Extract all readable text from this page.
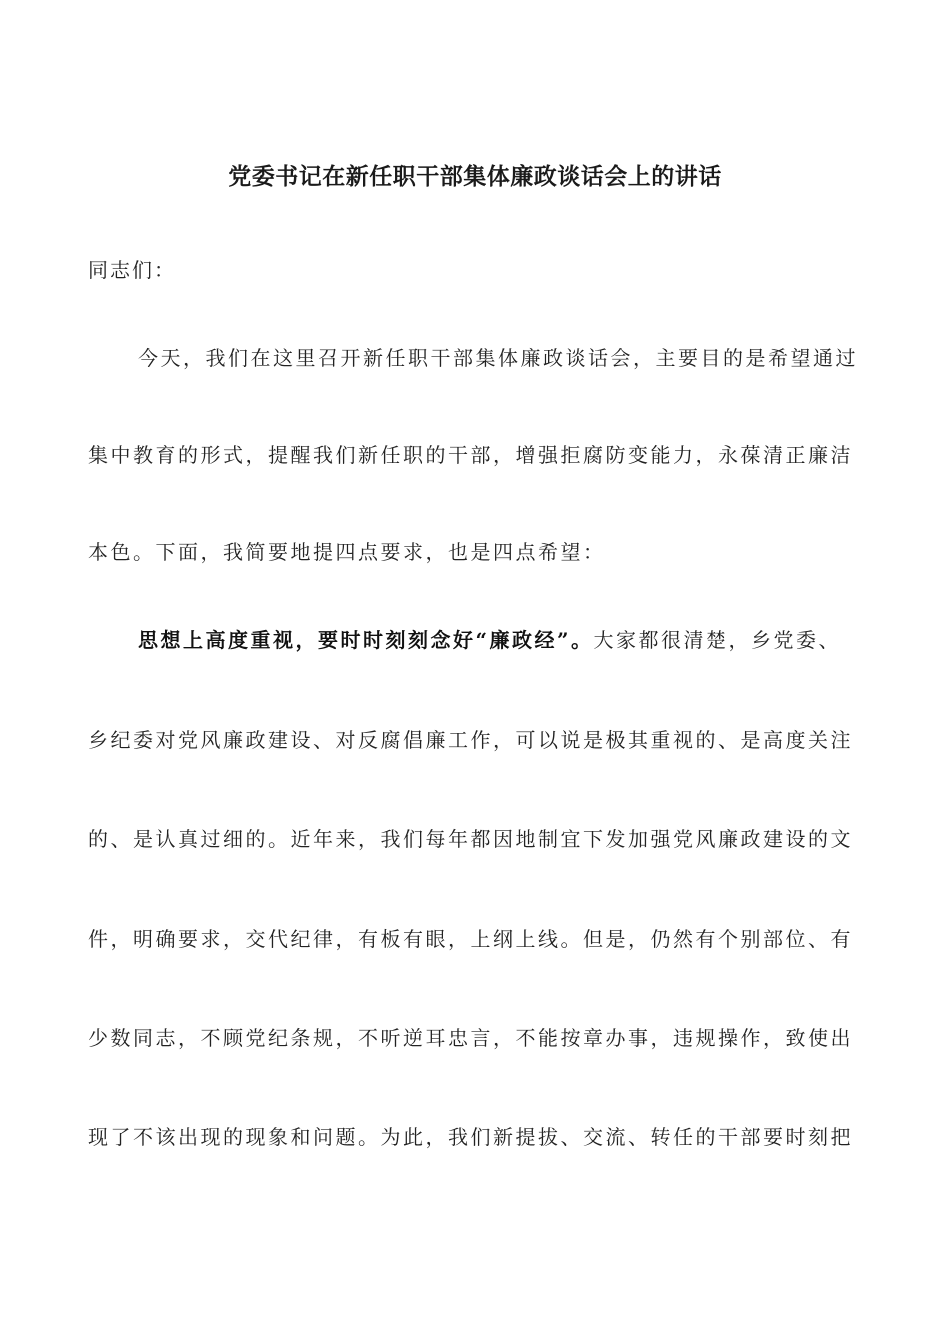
党委书记在新任职干部集体廉政谈话会上的讲话
同志们：
今天，我们在这里召开新任职干部集体廉政谈话会，主要目的是希望通过
集中教育的形式，提醒我们新任职的干部，增强拒腐防变能力，永葆清正廉洁
本色。下面，我简要地提四点要求，也是四点希望：
思想上高度重视，要时时刻刻念好“廉政经”。大家都很清楚，乡党委、
乡纪委对党风廉政建设、对反腐倡廉工作，可以说是极其重视的、是高度关注
的、是认真过细的。近年来，我们每年都因地制宜下发加强党风廉政建设的文
件，明确要求，交代纪律，有板有眼，上纲上线。但是，仍然有个别部位、有
少数同志，不顾党纪条规，不听逆耳忠言，不能按章办事，违规操作，致使出
现了不该出现的现象和问题。为此，我们新提拔、交流、转任的干部要时刻把
